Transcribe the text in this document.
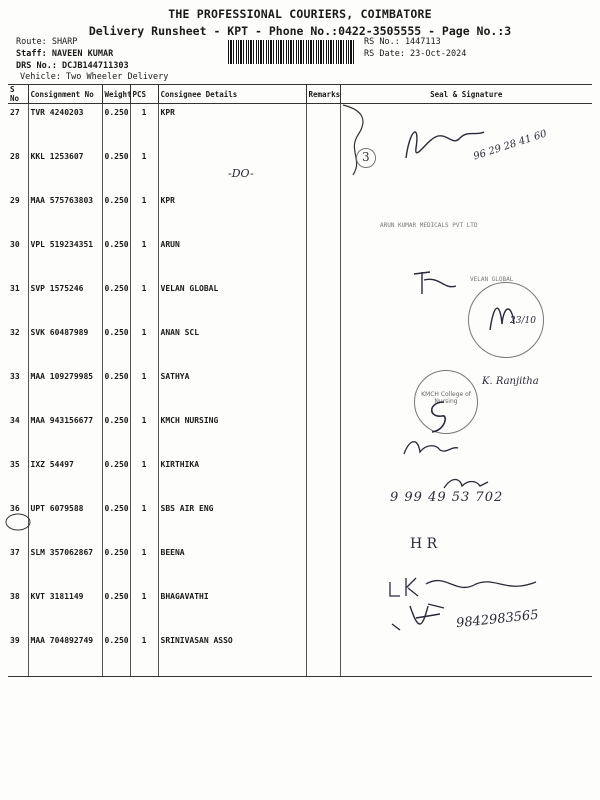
THE PROFESSIONAL COURIERS, COIMBATORE
Delivery Runsheet - KPT - Phone No.:0422-3505555 - Page No.:3
Route: SHARP
Staff: NAVEEN KUMAR
DRS No.: DCJB144711303
RS No.: 1447113
RS Date: 23-Oct-2024
Vehicle: Two Wheeler Delivery
S No	Consignment No	Weight	PCS	Consignee Details	Remarks	Seal & Signature
27	TVR 4240203	0.250	1	KPR		
28	KKL 1253607	0.250	1			
29	MAA 575763803	0.250	1	KPR		
30	VPL 519234351	0.250	1	ARUN		
31	SVP 1575246	0.250	1	VELAN GLOBAL		
32	SVK 60487989	0.250	1	ANAN SCL		
33	MAA 109279985	0.250	1	SATHYA		
34	MAA 943156677	0.250	1	KMCH NURSING		
35	IXZ 54497	0.250	1	KIRTHIKA		
36	UPT 6079588	0.250	1	SBS AIR ENG		
37	SLM 357062867	0.250	1	BEENA		
38	KVT 3181149	0.250	1	BHAGAVATHI		
39	MAA 704892749	0.250	1	SRINIVASAN ASSO		
3
-DO-
96 29 28 41 60
ARUN KUMAR MEDICALS PVT LTD
VELAN GLOBAL
23/10
KMCH College of Nursing
K. Ranjitha
9 99 49 53 702
H R
9842983565
